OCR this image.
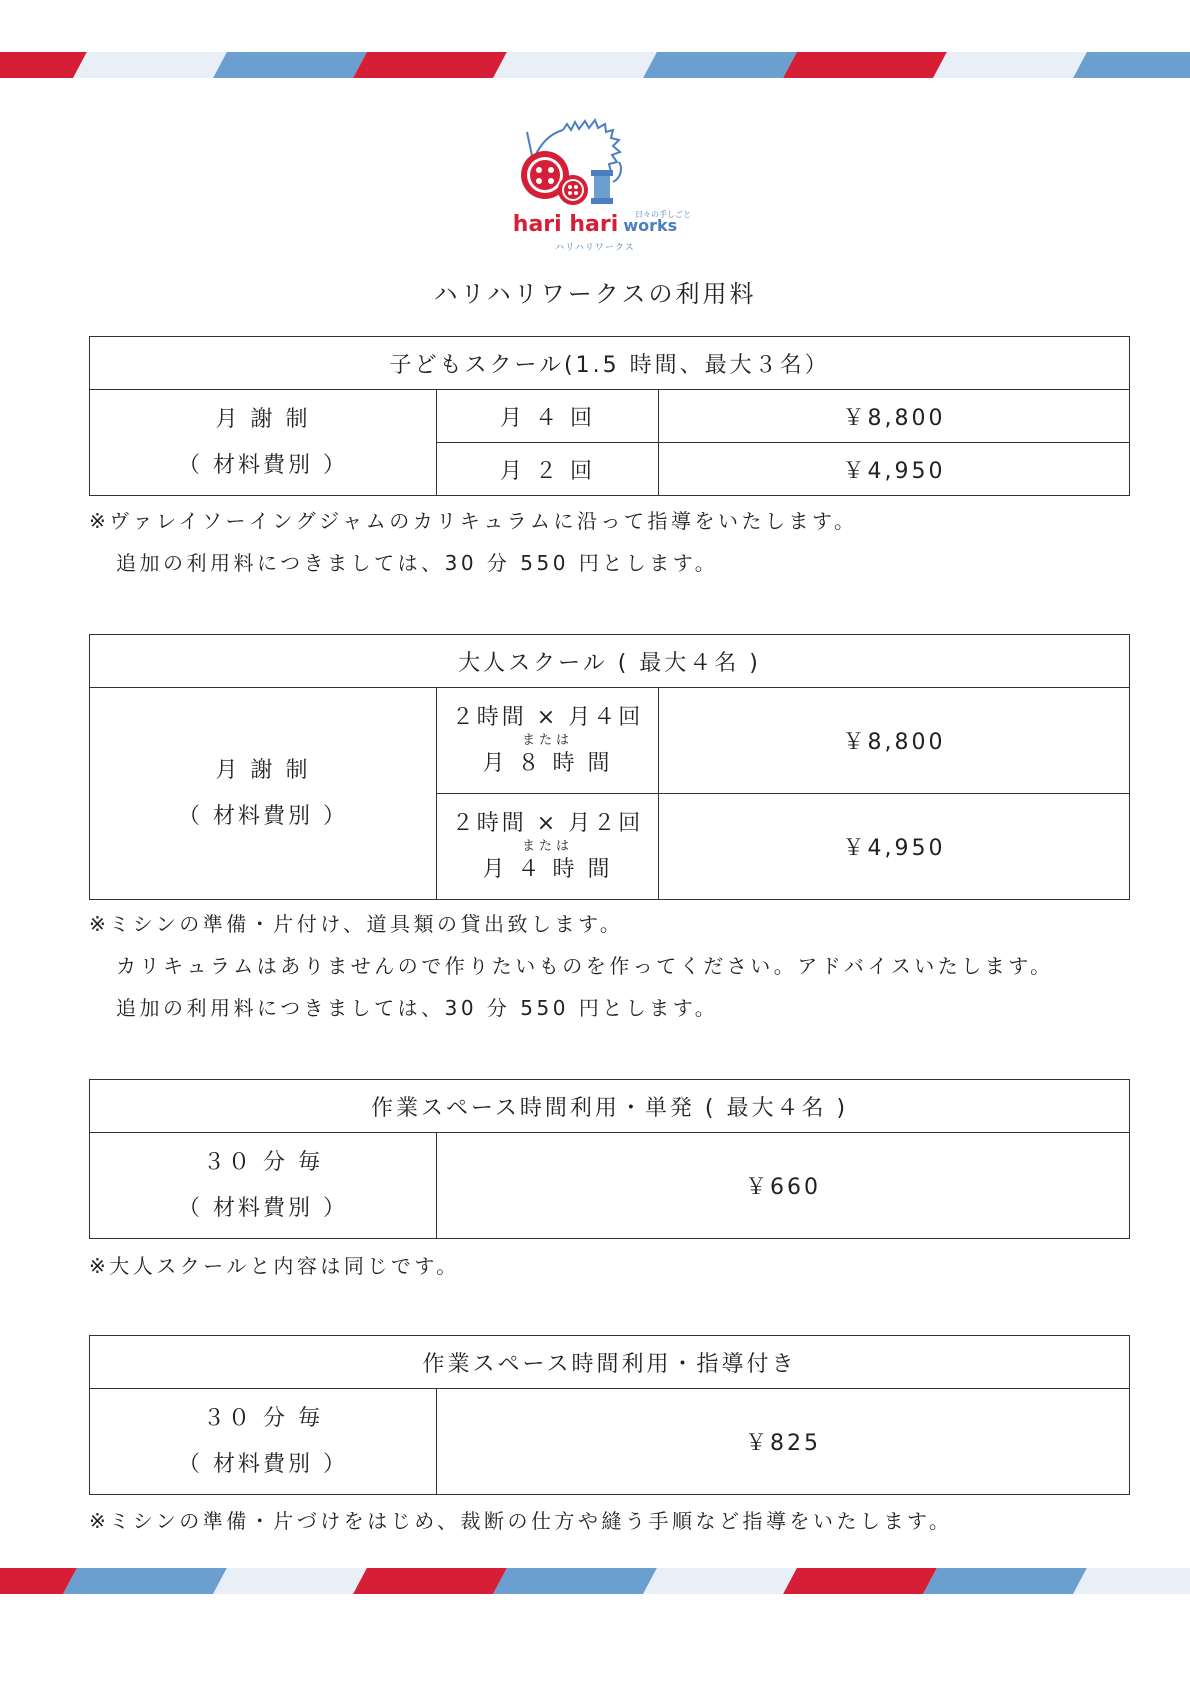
hari hari works
日々の手しごと
ハリハリワークス
ハリハリワークスの利用料
子どもスクール(1.5 時間、最大３名）		

月 謝 制
（ 材料費別 ）	月 ４ 回	￥8,800
	月 ２ 回	￥4,950
※ヴァレイソーイングジャムのカリキュラムに沿って指導をいたします。
追加の利用料につきましては、30 分 550 円とします。
大人スクール ( 最大４名 )		

月 謝 制
（ 材料費別 ）	２時間 × 月４回
または
月 ８ 時 間	￥8,800

	２時間 × 月２回
または
月 ４ 時 間	￥4,950
※ミシンの準備・片付け、道具類の貸出致します。
カリキュラムはありませんので作りたいものを作ってください。アドバイスいたします。
追加の利用料につきましては、30 分 550 円とします。
作業スペース時間利用・単発 ( 最大４名 )

３０ 分 毎
（ 材料費別 ）
	￥660
※大人スクールと内容は同じです。
作業スペース時間利用・指導付き

３０ 分 毎
（ 材料費別 ）
	￥825
※ミシンの準備・片づけをはじめ、裁断の仕方や縫う手順など指導をいたします。
